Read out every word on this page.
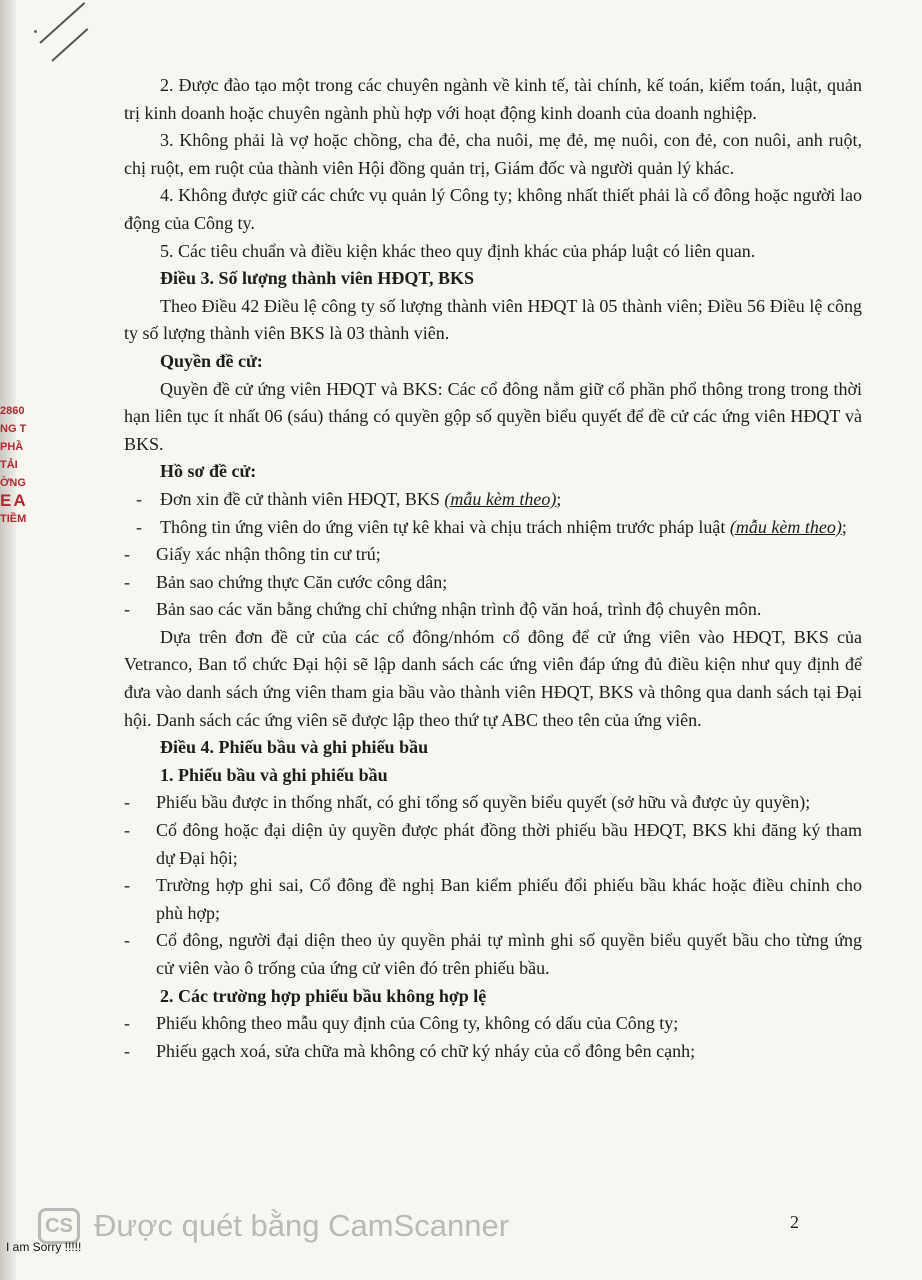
2860
NG T
PHẦ
TẢI
ỜNG
EA
TIỀM

2. Được đào tạo một trong các chuyên ngành về kinh tế, tài chính, kế toán, kiểm toán, luật, quản trị kinh doanh hoặc chuyên ngành phù hợp với hoạt động kinh doanh của doanh nghiệp.

3. Không phải là vợ hoặc chồng, cha đẻ, cha nuôi, mẹ đẻ, mẹ nuôi, con đẻ, con nuôi, anh ruột, chị ruột, em ruột của thành viên Hội đồng quản trị, Giám đốc và người quản lý khác.

4. Không được giữ các chức vụ quản lý Công ty; không nhất thiết phải là cổ đông hoặc người lao động của Công ty.

5. Các tiêu chuẩn và điều kiện khác theo quy định khác của pháp luật có liên quan.

Điều 3. Số lượng thành viên HĐQT, BKS

Theo Điều 42 Điều lệ công ty số lượng thành viên HĐQT là 05 thành viên; Điều 56 Điều lệ công ty số lượng thành viên BKS là 03 thành viên.

Quyền đề cử:

Quyền đề cử ứng viên HĐQT và BKS: Các cổ đông nắm giữ cổ phần phổ thông trong trong thời hạn liên tục ít nhất 06 (sáu) tháng có quyền gộp số quyền biểu quyết để đề cử các ứng viên HĐQT và BKS.

Hồ sơ đề cử:

- Đơn xin đề cử thành viên HĐQT, BKS (mẫu kèm theo);

- Thông tin ứng viên do ứng viên tự kê khai và chịu trách nhiệm trước pháp luật (mẫu kèm theo);

- Giấy xác nhận thông tin cư trú;

- Bản sao chứng thực Căn cước công dân;

- Bản sao các văn bằng chứng chỉ chứng nhận trình độ văn hoá, trình độ chuyên môn.

Dựa trên đơn đề cử của các cổ đông/nhóm cổ đông để cử ứng viên vào HĐQT, BKS của Vetranco, Ban tổ chức Đại hội sẽ lập danh sách các ứng viên đáp ứng đủ điều kiện như quy định để đưa vào danh sách ứng viên tham gia bầu vào thành viên HĐQT, BKS và thông qua danh sách tại Đại hội. Danh sách các ứng viên sẽ được lập theo thứ tự ABC theo tên của ứng viên.

Điều 4. Phiếu bầu và ghi phiếu bầu

1. Phiếu bầu và ghi phiếu bầu

- Phiếu bầu được in thống nhất, có ghi tổng số quyền biểu quyết (sở hữu và được ủy quyền);

- Cổ đông hoặc đại diện ủy quyền được phát đồng thời phiếu bầu HĐQT, BKS khi đăng ký tham dự Đại hội;

- Trường hợp ghi sai, Cổ đông đề nghị Ban kiểm phiếu đổi phiếu bầu khác hoặc điều chỉnh cho phù hợp;

- Cổ đông, người đại diện theo ủy quyền phải tự mình ghi số quyền biểu quyết bầu cho từng ứng cử viên vào ô trống của ứng cử viên đó trên phiếu bầu.

2. Các trường hợp phiếu bầu không hợp lệ

- Phiếu không theo mẫu quy định của Công ty, không có dấu của Công ty;

- Phiếu gạch xoá, sửa chữa mà không có chữ ký nháy của cổ đông bên cạnh;

CS Được quét bằng CamScanner	2
I am Sorry !!!!!
